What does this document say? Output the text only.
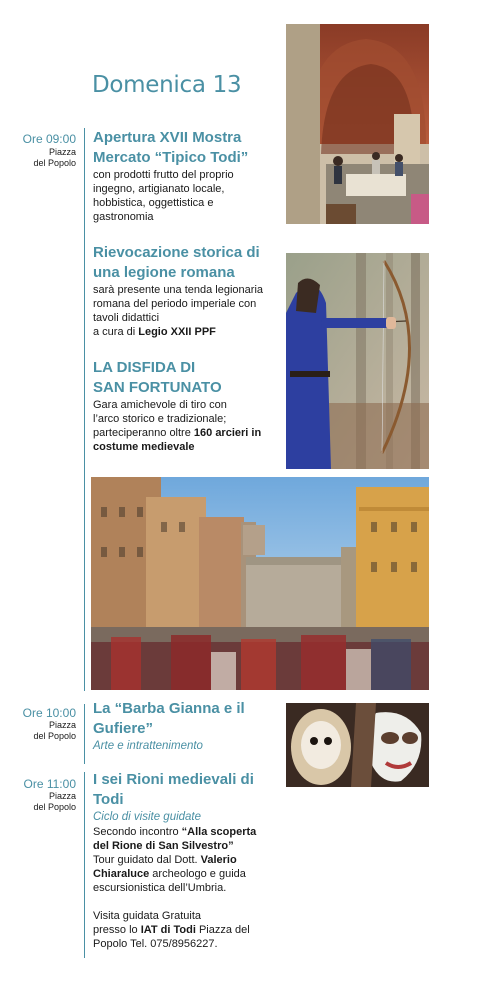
Domenica 13
Ore 09:00
Piazza
del Popolo
Apertura XVII Mostra
Mercato “Tipico Todi”
con prodotti frutto del proprio
ingegno, artigianato locale,
hobbistica, oggettistica e
gastronomia
Rievocazione storica di
una legione romana
sarà presente una tenda legionaria
romana del periodo imperiale con
tavoli didattici
a cura di Legio XXII PPF
LA DISFIDA DI
SAN FORTUNATO
Gara amichevole di tiro con
l’arco storico e tradizionale;
parteciperanno oltre 160 arcieri in
costume medievale
Ore 10:00
Piazza
del Popolo
La “Barba Gianna e il
Gufiere”
Arte e intrattenimento
Ore 11:00
Piazza
del Popolo
I sei Rioni medievali di
Todi
Ciclo di visite guidate
Secondo incontro “Alla scoperta
del Rione di San Silvestro”
Tour guidato dal Dott. Valerio
Chiaraluce archeologo e guida
escursionistica dell’Umbria.
Visita guidata Gratuita
presso lo IAT di Todi Piazza del
Popolo Tel. 075/8956227.
